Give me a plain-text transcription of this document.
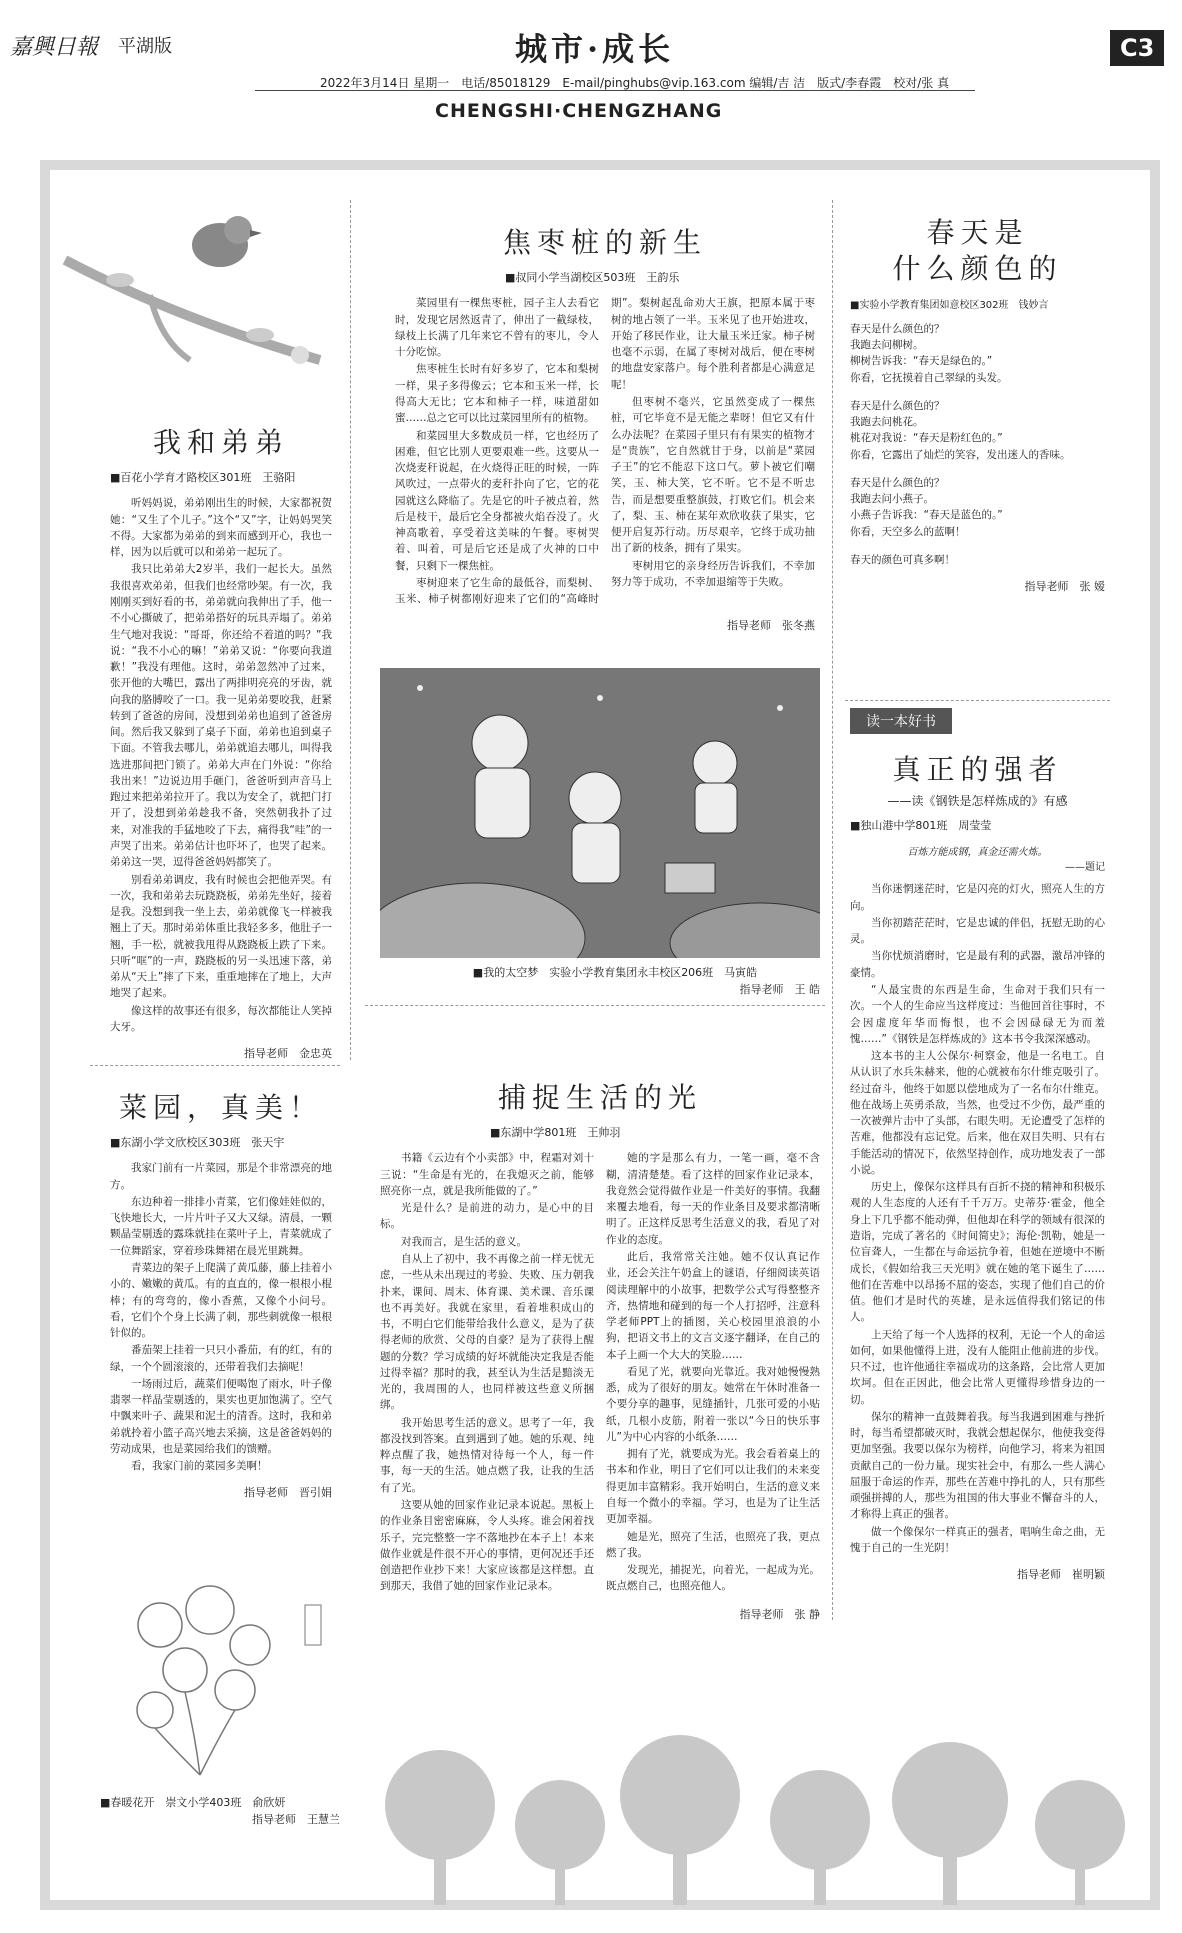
嘉興日報 平湖版	城市·成长	C3
2022年3月14日 星期一　电话/85018129　E-mail/pinghubs@vip.163.com 编辑/吉 洁　版式/李春霞　校对/张 真
CHENGSHI·CHENGZHANG
我和弟弟
■百花小学育才路校区301班　王骆阳

听妈妈说，弟弟刚出生的时候，大家都祝贺她：“又生了个儿子。”这个“又”字，让妈妈哭笑不得。大家都为弟弟的到来而感到开心，我也一样，因为以后就可以和弟弟一起玩了。

我只比弟弟大2岁半，我们一起长大。虽然我很喜欢弟弟，但我们也经常吵架。有一次，我刚刚买到好看的书，弟弟就向我伸出了手，他一不小心撕破了，把弟弟搭好的玩具弄塌了。弟弟生气地对我说：“哥哥，你还给不着道的吗？”我说：“我不小心的嘛！”弟弟又说：“你要向我道歉！”我没有理他。这时，弟弟忽然冲了过来，张开他的大嘴巴，露出了两排明亮亮的牙齿，就向我的胳膊咬了一口。我一见弟弟要咬我，赶紧转到了爸爸的房间，没想到弟弟也追到了爸爸房间。然后我又躲到了桌子下面，弟弟也追到桌子下面。不管我去哪儿，弟弟就追去哪儿，叫得我选进那间把门锁了。弟弟大声在门外说：“你给我出来！”边说边用手砸门，爸爸听到声音马上跑过来把弟弟拉开了。我以为安全了，就把门打开了，没想到弟弟趁我不备，突然朝我扑了过来，对准我的手猛地咬了下去，痛得我“哇”的一声哭了出来。弟弟估计也吓坏了，也哭了起来。弟弟这一哭，逗得爸爸妈妈都笑了。

别看弟弟调皮，我有时候也会把他弄哭。有一次，我和弟弟去玩跷跷板，弟弟先坐好，接着是我。没想到我一坐上去，弟弟就像飞一样被我翘上了天。那时弟弟体重比我轻多多，他肚子一翘，手一松，就被我甩得从跷跷板上跌了下来。只听“哐”的一声，跷跷板的另一头迅速下落，弟弟从“天上”摔了下来，重重地摔在了地上，大声地哭了起来。

像这样的故事还有很多，每次都能让人笑掉大牙。

指导老师　金忠英
菜园，真美！
■东湖小学文欣校区303班　张天宇

我家门前有一片菜园，那是个非常漂亮的地方。

东边种着一排排小青菜，它们像娃娃似的，飞快地长大，一片片叶子又大又绿。清晨，一颗颗晶莹剔透的露珠就挂在菜叶子上，青菜就成了一位舞蹈家，穿着珍珠舞裙在晨光里跳舞。

青菜边的架子上爬满了黄瓜藤，藤上挂着小小的、嫩嫩的黄瓜。有的直直的，像一根根小棍棒；有的弯弯的，像小香蕉，又像个小问号。看，它们个个身上长满了刺，那些刺就像一根根针似的。

番茄架上挂着一只只小番茄，有的红，有的绿，一个个圆滚滚的，还带着我们去摘呢！

一场雨过后，蔬菜们便喝饱了雨水，叶子像翡翠一样晶莹剔透的，果实也更加饱满了。空气中飘来叶子、蔬果和泥土的清香。这时，我和弟弟就拎着小篮子高兴地去采摘，这是爸爸妈妈的劳动成果，也是菜园给我们的馈赠。

看，我家门前的菜园多美啊！

指导老师　晋引娟
■春暖花开　崇文小学403班　俞欣妍
指导老师　王慧兰
焦枣桩的新生
■叔同小学当湖校区503班　王韵乐

菜园里有一棵焦枣桩，园子主人去看它时，发现它居然返青了，伸出了一截绿枝，绿枝上长满了几年来它不曾有的枣儿，令人十分吃惊。

焦枣桩生长时有好多岁了，它本和梨树一样，果子多得像云；它本和玉米一样，长得高大无比；它本和柿子一样，味道甜如蜜……总之它可以比过菜园里所有的植物。

和菜园里大多数成员一样，它也经历了困难，但它比别人更要艰难一些。这要从一次烧麦秆说起，在火烧得正旺的时候，一阵风吹过，一点带火的麦秆扑向了它，它的花园就这么降临了。先是它的叶子被点着，然后是枝干，最后它全身都被火焰吞没了。火神高歌着，享受着这美味的午餐。枣树哭着、叫着，可是后它还是成了火神的口中餐，只剩下一棵焦桩。

枣树迎来了它生命的最低谷，而梨树、玉米、柿子树都刚好迎来了它们的“高峰时期”。梨树起乱命劝大王旗，把原本属于枣树的地占领了一半。玉米见了也开始进攻，开始了移民作业，让大量玉米迁家。柿子树也毫不示弱，在属了枣树对战后，便在枣树的地盘安家落户。每个胜利者都是心满意足呢！

但枣树不毫兴，它虽然变成了一棵焦桩，可它毕竟不是无能之辈呀！但它又有什么办法呢？在菜园子里只有有果实的植物才是“贵族”，它自然就甘于身，以前是“菜园子王”的它不能忍下这口气。萝卜被它们嘲笑，玉、柿大笑，它不听。它不是不听忠告，而是想要重整旗鼓，打败它们。机会来了，梨、玉、柿在某年欢欣收获了果实，它便开启复苏行动。历尽艰辛，它终于成功抽出了新的枝条，拥有了果实。

枣树用它的亲身经历告诉我们，不幸加努力等于成功，不幸加退缩等于失败。

指导老师　张冬燕
■我的太空梦　实验小学教育集团永丰校区206班　马寅皓
指导老师　王 皓
捕捉生活的光
■东湖中学801班　王帅羽

书籍《云边有个小卖部》中，程霜对刘十三说：“生命是有光的，在我熄灭之前，能够照亮你一点，就是我所能做的了。”

光是什么？是前进的动力，是心中的目标。

对我而言，是生活的意义。

自从上了初中，我不再像之前一样无忧无虑，一些从未出现过的考验、失败、压力朝我扑来，课间、周末、体育课、美术课、音乐课也不再美好。我就在家里，看着堆积成山的书，不明白它们能带给我什么意义，是为了获得老师的欣赏、父母的自豪？是为了获得上醒题的分数？学习成绩的好坏就能决定我是否能过得幸福？那时的我，甚至认为生活是黯淡无光的，我周围的人，也同样被这些意义所捆绑。

我开始思考生活的意义。思考了一年，我都没找到答案。直到遇到了她。她的乐观、纯粹点醒了我，她热情对待每一个人，每一件事，每一天的生活。她点燃了我，让我的生活有了光。

这要从她的回家作业记录本说起。黑板上的作业条目密密麻麻，令人头疼。谁会闲着找乐子，完完整整一字不落地抄在本子上！本来做作业就是件很不开心的事情，更何况还手还创造把作业抄下来！大家应该都是这样想。直到那天，我借了她的回家作业记录本。

她的字是那么有力，一笔一画，毫不含糊，清清楚楚。看了这样的回家作业记录本，我竟然会觉得做作业是一件美好的事情。我翻来覆去地看，每一天的作业条目及要求都清晰明了。正这样反思考生活意义的我，看见了对作业的态度。

此后，我常常关注她。她不仅认真记作业，还会关注午奶盒上的谜语，仔细阅读英语阅读理解中的小故事，把数学公式写得整整齐齐，热情地和碰到的每一个人打招呼，注意科学老师PPT上的插图，关心校园里浪浪的小狗，把语文书上的文言文逐字翻译，在自己的本子上画一个大大的笑脸……

看见了光，就要向光靠近。我对她慢慢熟悉，成为了很好的朋友。她常在午休时准备一个要分享的趣事，见缝插针，几张可爱的小贴纸，几根小皮筋，附着一张以“今日的快乐事儿”为中心内容的小纸条……

拥有了光，就要成为光。我会看着桌上的书本和作业，明日了它们可以让我们的未来变得更加丰富精彩。我开始明白，生活的意义来自每一个微小的幸福。学习，也是为了让生活更加幸福。

她是光，照亮了生活，也照亮了我，更点燃了我。

发现光，捕捉光，向着光，一起成为光。既点燃自己，也照亮他人。

指导老师　张 静
春天是
什么颜色的
■实验小学教育集团如意校区302班　钱妙言

春天是什么颜色的？

我跑去问柳树。

柳树告诉我：“春天是绿色的。”

你看，它抚摸着自己翠绿的头发。

春天是什么颜色的？

我跑去问桃花。

桃花对我说：“春天是粉红色的。”

你看，它露出了灿烂的笑容，发出迷人的香味。

春天是什么颜色的？

我跑去问小燕子。

小燕子告诉我：“春天是蓝色的。”

你看，天空多么的蓝啊！

春天的颜色可真多啊！

指导老师　张 嫒
读一本好书
真正的强者
——读《钢铁是怎样炼成的》有感
■独山港中学801班　周莹莹
百炼方能成钢，真金还需火炼。
——题记

当你迷惘迷茫时，它是闪亮的灯火，照亮人生的方向。

当你初踏茫茫时，它是忠诚的伴侣，抚慰无助的心灵。

当你忧烦消磨时，它是最有利的武器，激昂冲锋的豪情。

“人最宝贵的东西是生命，生命对于我们只有一次。一个人的生命应当这样度过：当他回首往事时，不会因虚度年华而悔恨，也不会因碌碌无为而羞愧……”《钢铁是怎样炼成的》这本书令我深深感动。

这本书的主人公保尔·柯察金，他是一名电工。自从认识了水兵朱赫来，他的心就被布尔什维克吸引了。经过奋斗，他终于如愿以偿地成为了一名布尔什维克。他在战场上英勇杀敌，当然，也受过不少伤，最严重的一次被弹片击中了头部，右眼失明。无论遭受了怎样的苦难，他都没有忘记党。后来，他在双目失明、只有右手能活动的情况下，依然坚持创作，成功地发表了一部小说。

历史上，像保尔这样具有百折不挠的精神和积极乐观的人生态度的人还有千千万万。史蒂芬·霍金，他全身上下几乎都不能动弹，但他却在科学的领域有很深的造诣，完成了著名的《时间简史》；海伦·凯勒，她是一位盲聋人，一生都在与命运抗争着，但她在逆境中不断成长，《假如给我三天光明》就在她的笔下诞生了……他们在苦难中以昂扬不屈的姿态，实现了他们自己的价值。他们才是时代的英雄，是永远值得我们铭记的伟人。

上天给了每一个人选择的权利，无论一个人的命运如何，如果他懂得上进，没有人能阻止他前进的步伐。只不过，也许他通往幸福成功的这条路，会比常人更加坎坷。但在正因此，他会比常人更懂得珍惜身边的一切。

保尔的精神一直鼓舞着我。每当我遇到困难与挫折时，每当希望都破灭时，我就会想起保尔，他使我变得更加坚强。我要以保尔为榜样，向他学习，将来为祖国贡献自己的一份力量。现实社会中，有那么一些人满心屈服于命运的作弄，那些在苦难中挣扎的人，只有那些顽强拼搏的人，那些为祖国的伟大事业不懈奋斗的人，才称得上真正的强者。

做一个像保尔一样真正的强者，唱响生命之曲，无愧于自己的一生光阴！

指导老师　崔明颖
